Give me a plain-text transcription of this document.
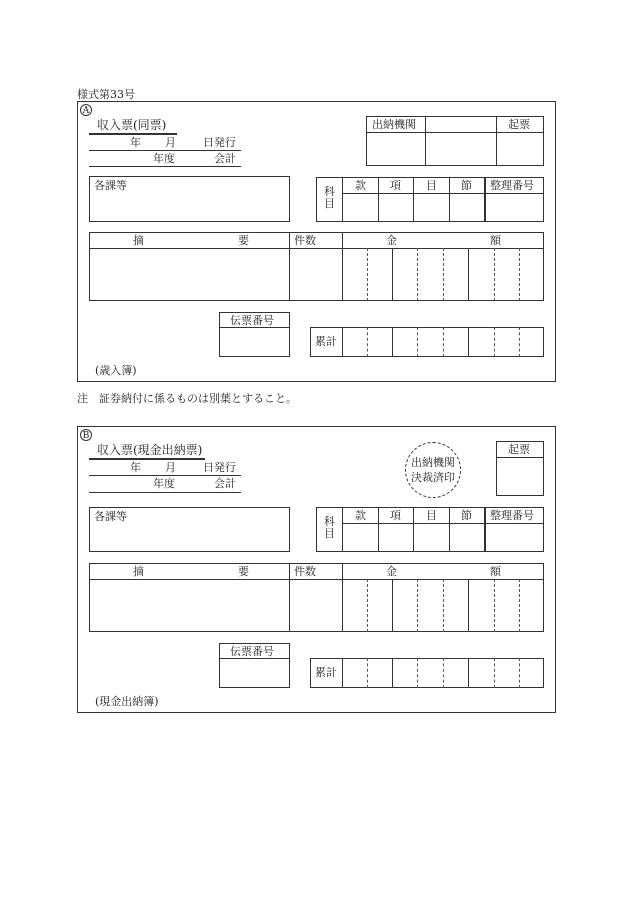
様式第33号
A
収入票(同票)
年 月 日発行
年度	会計
出納機関	起票
各課等	科目
款 項 目 節 整理番号
摘	要	件数	金	額
伝票番号
累計
(歳入簿)
注　証券納付に係るものは別葉とすること。
B
収入票(現金出納票)
年 月 日発行
年度	会計
出納機関
決裁済印
起票
各課等	科目
款 項 目 節 整理番号
摘	要	件数	金	額
伝票番号
累計
(現金出納簿)
